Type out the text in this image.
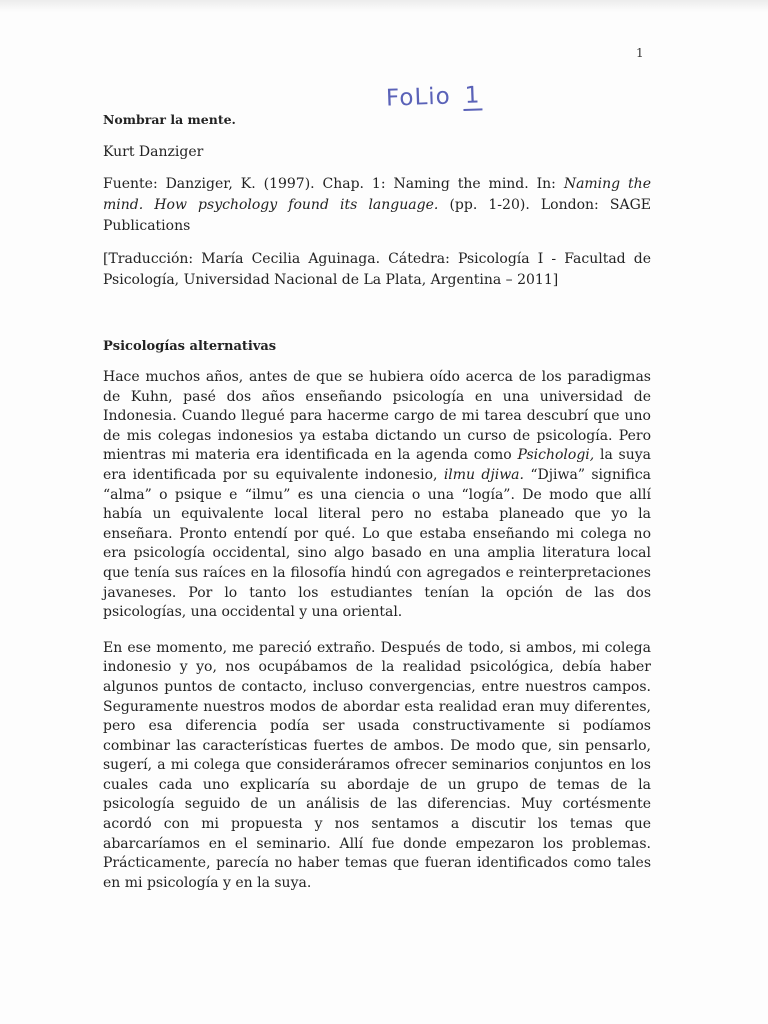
1
FoLio 1

Nombrar la mente.

Kurt Danziger

Fuente: Danziger, K. (1997). Chap. 1: Naming the mind. In: Naming the mind. How psychology found its language. (pp. 1-20). London: SAGE Publications

[Traducción: María Cecilia Aguinaga. Cátedra: Psicología I - Facultad de Psicología, Universidad Nacional de La Plata, Argentina – 2011]

Psicologías alternativas

Hace muchos años, antes de que se hubiera oído acerca de los paradigmas de Kuhn, pasé dos años enseñando psicología en una universidad de Indonesia. Cuando llegué para hacerme cargo de mi tarea descubrí que uno de mis colegas indonesios ya estaba dictando un curso de psicología. Pero mientras mi materia era identificada en la agenda como Psichologi, la suya era identificada por su equivalente indonesio, ilmu djiwa. “Djiwa” significa “alma” o psique e “ilmu” es una ciencia o una “logía”. De modo que allí había un equivalente local literal pero no estaba planeado que yo la enseñara. Pronto entendí por qué. Lo que estaba enseñando mi colega no era psicología occidental, sino algo basado en una amplia literatura local que tenía sus raíces en la filosofía hindú con agregados e reinterpretaciones javaneses. Por lo tanto los estudiantes tenían la opción de las dos psicologías, una occidental y una oriental.

En ese momento, me pareció extraño. Después de todo, si ambos, mi colega indonesio y yo, nos ocupábamos de la realidad psicológica, debía haber algunos puntos de contacto, incluso convergencias, entre nuestros campos. Seguramente nuestros modos de abordar esta realidad eran muy diferentes, pero esa diferencia podía ser usada constructivamente si podíamos combinar las características fuertes de ambos. De modo que, sin pensarlo, sugerí, a mi colega que consideráramos ofrecer seminarios conjuntos en los cuales cada uno explicaría su abordaje de un grupo de temas de la psicología seguido de un análisis de las diferencias. Muy cortésmente acordó con mi propuesta y nos sentamos a discutir los temas que abarcaríamos en el seminario. Allí fue donde empezaron los problemas. Prácticamente, parecía no haber temas que fueran identificados como tales en mi psicología y en la suya.
